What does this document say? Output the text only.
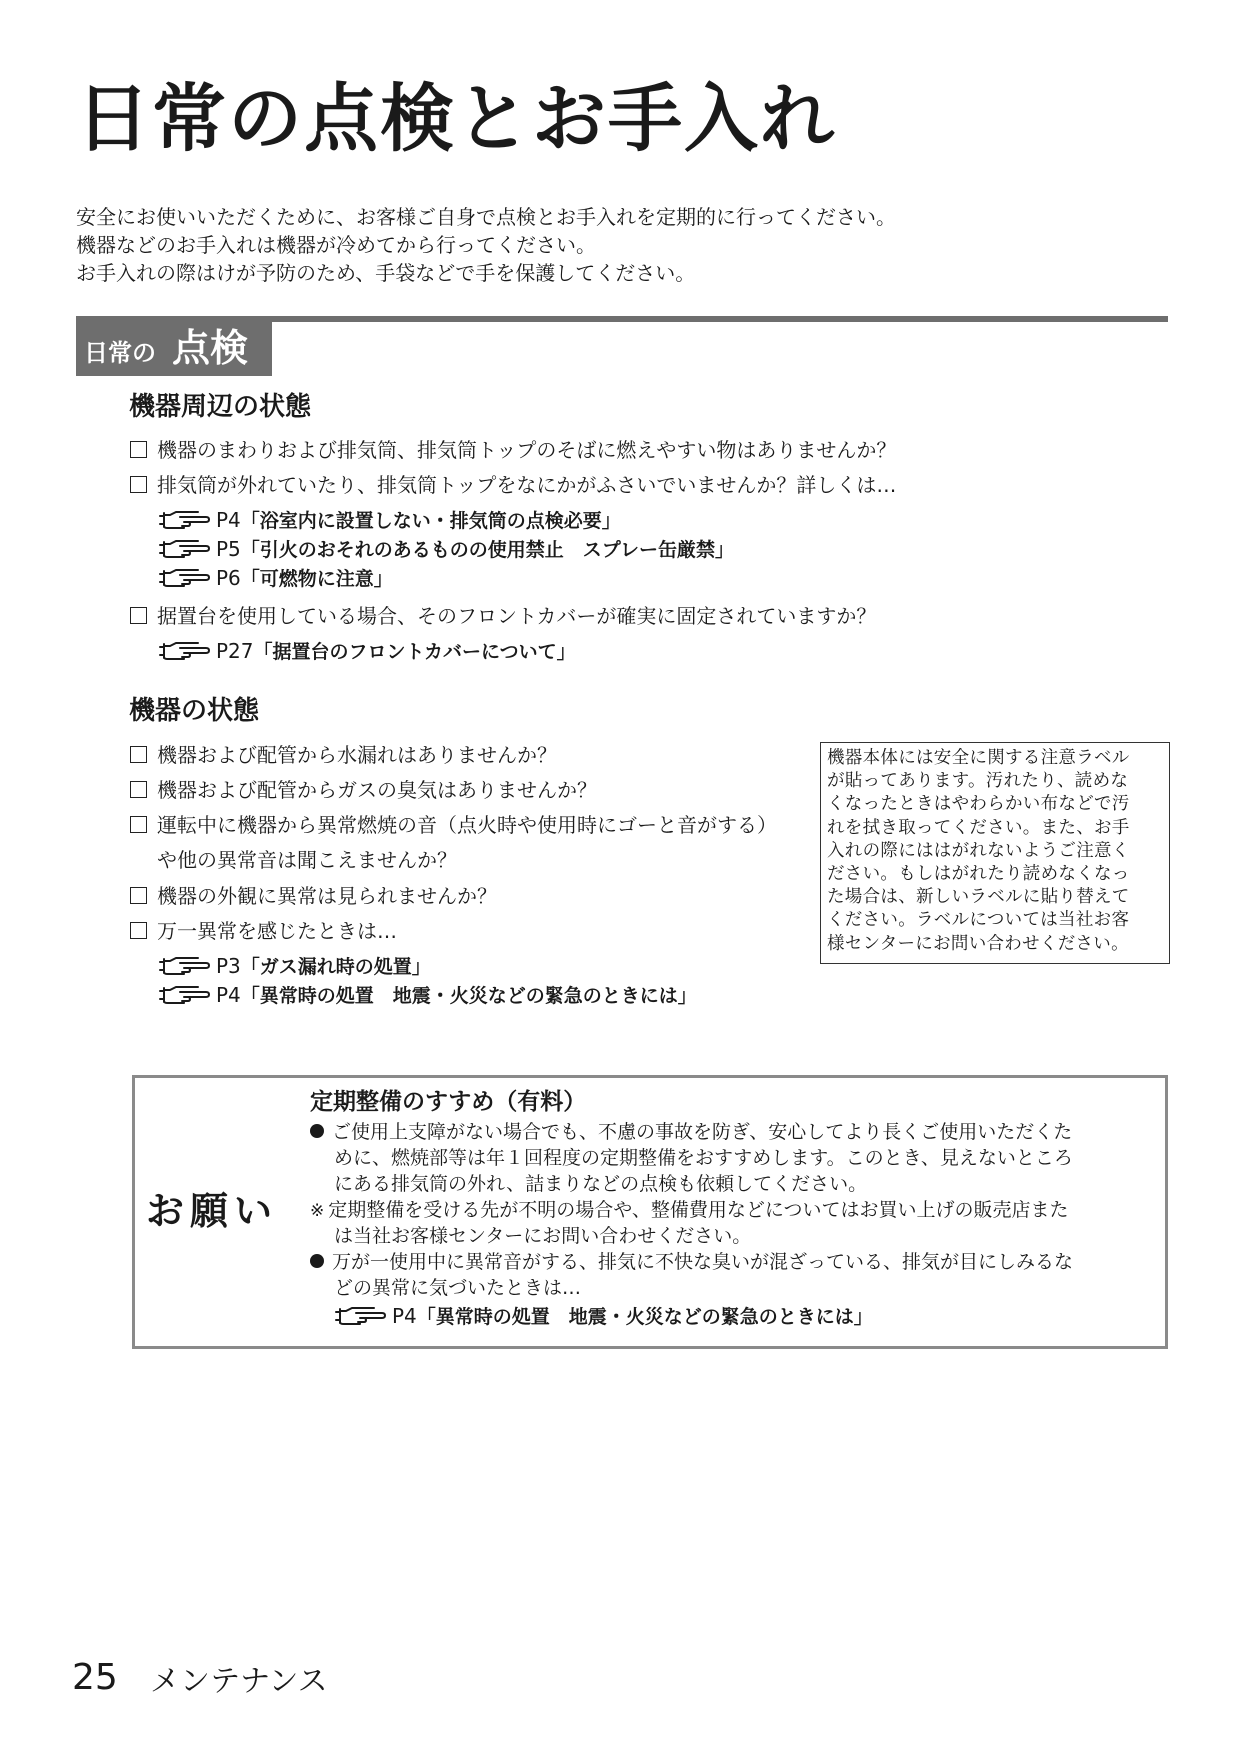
日常の点検とお手入れ
安全にお使いいただくために、お客様ご自身で点検とお手入れを定期的に行ってください。
機器などのお手入れは機器が冷めてから行ってください。
お手入れの際はけが予防のため、手袋などで手を保護してください。
日常の 点検
機器周辺の状態
機器のまわりおよび排気筒、排気筒トップのそばに燃えやすい物はありませんか？
排気筒が外れていたり、排気筒トップをなにかがふさいでいませんか？詳しくは…
P4「浴室内に設置しない・排気筒の点検必要」
P5「引火のおそれのあるものの使用禁止　スプレー缶厳禁」
P6「可燃物に注意」
据置台を使用している場合、そのフロントカバーが確実に固定されていますか？
P27「据置台のフロントカバーについて」
機器の状態
機器および配管から水漏れはありませんか？
機器および配管からガスの臭気はありませんか？
運転中に機器から異常燃焼の音（点火時や使用時にゴーと音がする）
や他の異常音は聞こえませんか？
機器の外観に異常は見られませんか？
万一異常を感じたときは…
P3「ガス漏れ時の処置」
P4「異常時の処置　地震・火災などの緊急のときには」
機器本体には安全に関する注意ラベル
が貼ってあります。汚れたり、読めな
くなったときはやわらかい布などで汚
れを拭き取ってください。また、お手
入れの際にははがれないようご注意く
ださい。もしはがれたり読めなくなっ
た場合は、新しいラベルに貼り替えて
ください。ラベルについては当社お客
様センターにお問い合わせください。
お願い
定期整備のすすめ（有料）
ご使用上支障がない場合でも、不慮の事故を防ぎ、安心してより長くご使用いただくた
めに、燃焼部等は年１回程度の定期整備をおすすめします。このとき、見えないところ
にある排気筒の外れ、詰まりなどの点検も依頼してください。
※ 定期整備を受ける先が不明の場合や、整備費用などについてはお買い上げの販売店また
は当社お客様センターにお問い合わせください。
万が一使用中に異常音がする、排気に不快な臭いが混ざっている、排気が目にしみるな
どの異常に気づいたときは…
P4「異常時の処置　地震・火災などの緊急のときには」
25 メンテナンス
